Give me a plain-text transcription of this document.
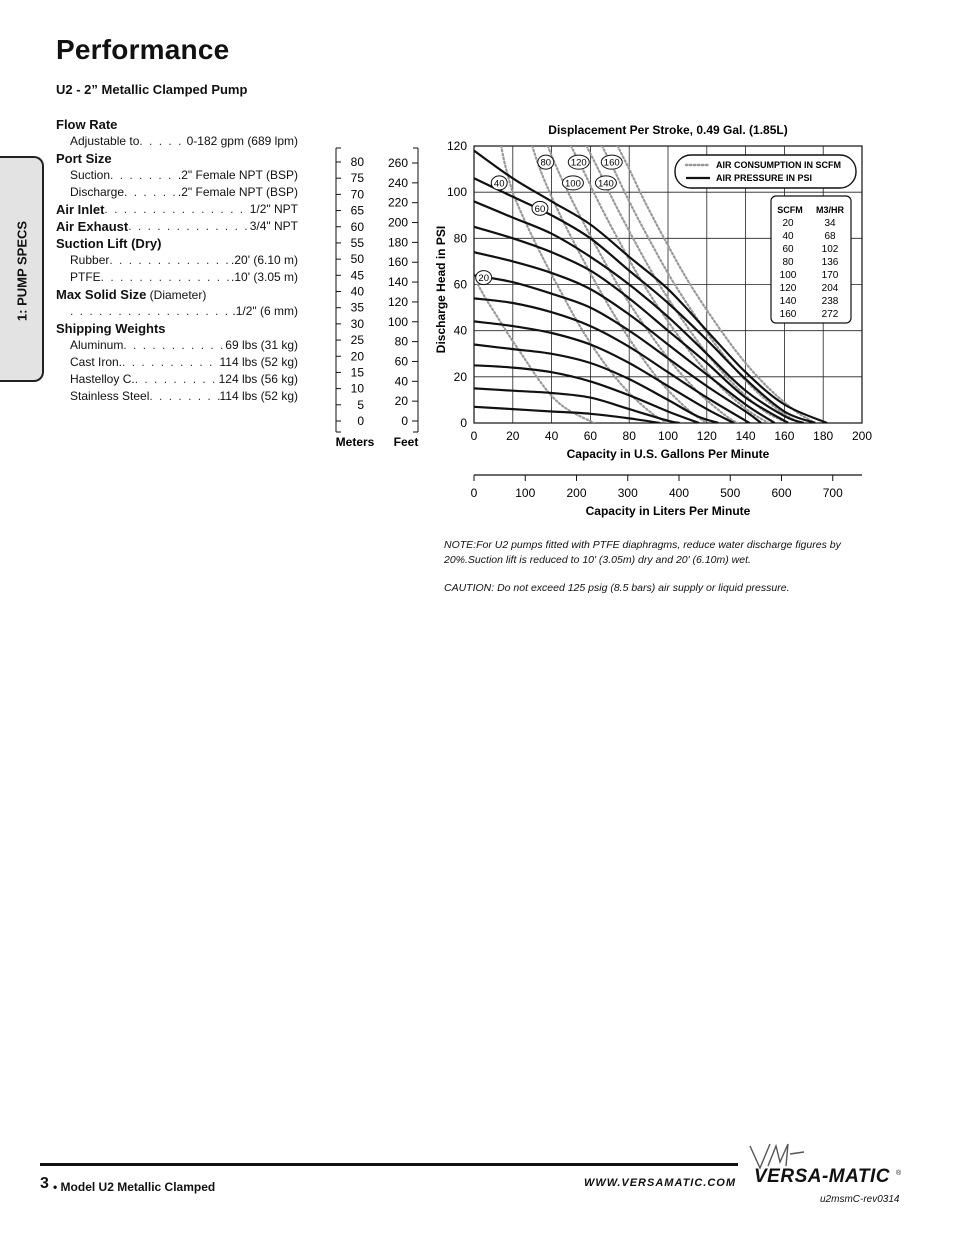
Performance
U2 - 2” Metallic Clamped Pump
1: PUMP SPECS
Flow Rate
Adjustable to . . .	0-182 gpm (689 lpm)
Port Size
Suction . . .	.2" Female NPT (BSP)
Discharge . . .	.2" Female NPT (BSP)
Air Inlet . . .	1/2" NPT
Air Exhaust . . .	3/4" NPT
Suction Lift (Dry)
Rubber . . .	.20' (6.10 m)
PTFE . . .	.10' (3.05 m)
Max Solid Size (Diameter)
. . .
.1/2" (6 mm)
Shipping Weights
Aluminum . . .	69 lbs (31 kg)
Cast Iron. . . .	114 lbs (52 kg)
Hastelloy C. . . .	124 lbs (56 kg)
Stainless Steel . . .	114 lbs (52 kg)
0 20 40 60 80 100 120 140 160 180 200
0
20
40
60
80
100
120
Displacement Per Stroke, 0.49 Gal. (1.85L)
Capacity in U.S. Gallons Per Minute
Discharge Head in PSI
0	100	200	300	400	500	600	700
Capacity in Liters Per Minute
0
5
10
15
20
25
30
35
40
45
50
55
60
65
70
75
80
Meters
0
20
40
60
80
100
120
140
160
180
200
220
240
260
Feet
20
40
60
80
100
120
140
160	AIR CONSUMPTION IN SCFM
AIR PRESSURE IN PSI
SCFM M3/HR
20	34
40	68
60	102
80	136
100	170
120	204
140	238
160	272

NOTE:For U2 pumps fitted with PTFE diaphragms, reduce water discharge figures by 20%.Suction lift is reduced to 10' (3.05m) dry and 20' (6.10m) wet.

CAUTION: Do not exceed 125 psig (8.5 bars) air supply or liquid pressure.

3 • Model U2 Metallic Clamped	WWW.VERSAMATIC.COM VERSA-MATIC ®
u2msmC-rev0314
